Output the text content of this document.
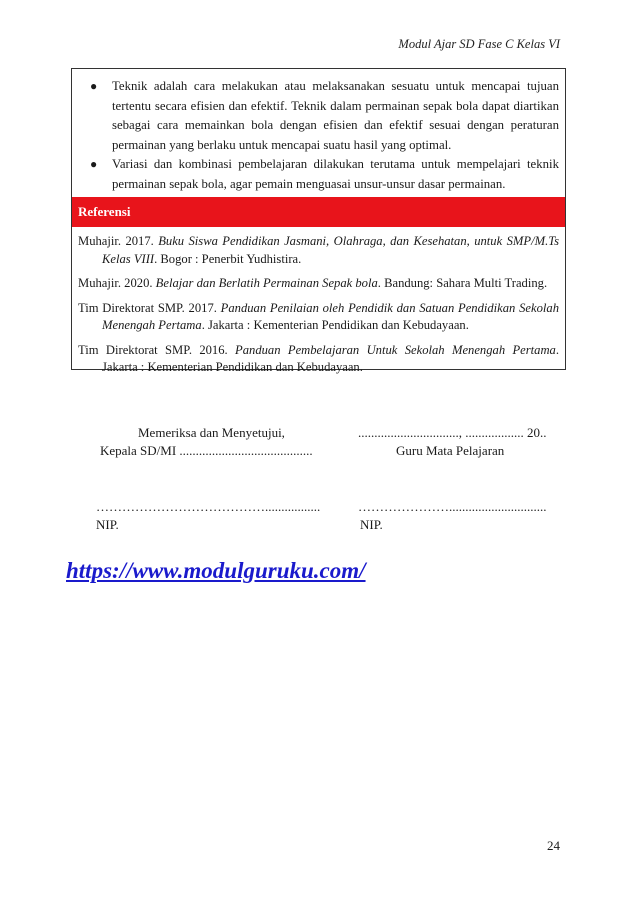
Modul Ajar SD Fase C Kelas VI
● Teknik adalah cara melakukan atau melaksanakan sesuatu untuk mencapai tujuan tertentu secara efisien dan efektif. Teknik dalam permainan sepak bola dapat diartikan sebagai cara memainkan bola dengan efisien dan efektif sesuai dengan peraturan permainan yang berlaku untuk mencapai suatu hasil yang optimal.
● Variasi dan kombinasi pembelajaran dilakukan terutama untuk mempelajari teknik permainan sepak bola, agar pemain menguasai unsur-unsur dasar permainan.
Referensi
Muhajir. 2017. Buku Siswa Pendidikan Jasmani, Olahraga, dan Kesehatan, untuk SMP/M.Ts Kelas VIII. Bogor : Penerbit Yudhistira.
Muhajir. 2020. Belajar dan Berlatih Permainan Sepak bola. Bandung: Sahara Multi Trading.
Tim Direktorat SMP. 2017. Panduan Penilaian oleh Pendidik dan Satuan Pendidikan Sekolah Menengah Pertama. Jakarta : Kementerian Pendidikan dan Kebudayaan.
Tim Direktorat SMP. 2016. Panduan Pembelajaran Untuk Sekolah Menengah Pertama. Jakarta : Kementerian Pendidikan dan Kebudayaan.
Memeriksa dan Menyetujui,
Kepala SD/MI .........................................
..............................., .................. 20..
Guru Mata Pelajaran
………………………………….................
NIP.
…………………..............................
NIP.
https://www.modulguruku.com/
24
